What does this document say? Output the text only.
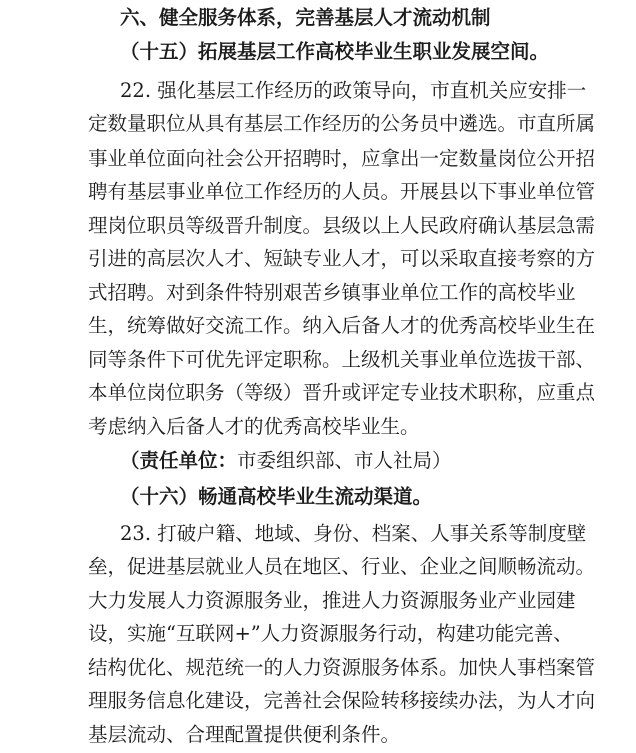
六、健全服务体系，完善基层人才流动机制
（十五）拓展基层工作高校毕业生职业发展空间。
22. 强化基层工作经历的政策导向，市直机关应安排一
定数量职位从具有基层工作经历的公务员中遴选。市直所属
事业单位面向社会公开招聘时，应拿出一定数量岗位公开招
聘有基层事业单位工作经历的人员。开展县以下事业单位管
理岗位职员等级晋升制度。县级以上人民政府确认基层急需
引进的高层次人才、短缺专业人才，可以采取直接考察的方
式招聘。对到条件特别艰苦乡镇事业单位工作的高校毕业
生，统筹做好交流工作。纳入后备人才的优秀高校毕业生在
同等条件下可优先评定职称。上级机关事业单位选拔干部、
本单位岗位职务（等级）晋升或评定专业技术职称，应重点
考虑纳入后备人才的优秀高校毕业生。
（责任单位：市委组织部、市人社局）
（十六）畅通高校毕业生流动渠道。
23. 打破户籍、地域、身份、档案、人事关系等制度壁
垒，促进基层就业人员在地区、行业、企业之间顺畅流动。
大力发展人力资源服务业，推进人力资源服务业产业园建
设，实施“互联网+”人力资源服务行动，构建功能完善、
结构优化、规范统一的人力资源服务体系。加快人事档案管
理服务信息化建设，完善社会保险转移接续办法，为人才向
基层流动、合理配置提供便利条件。
